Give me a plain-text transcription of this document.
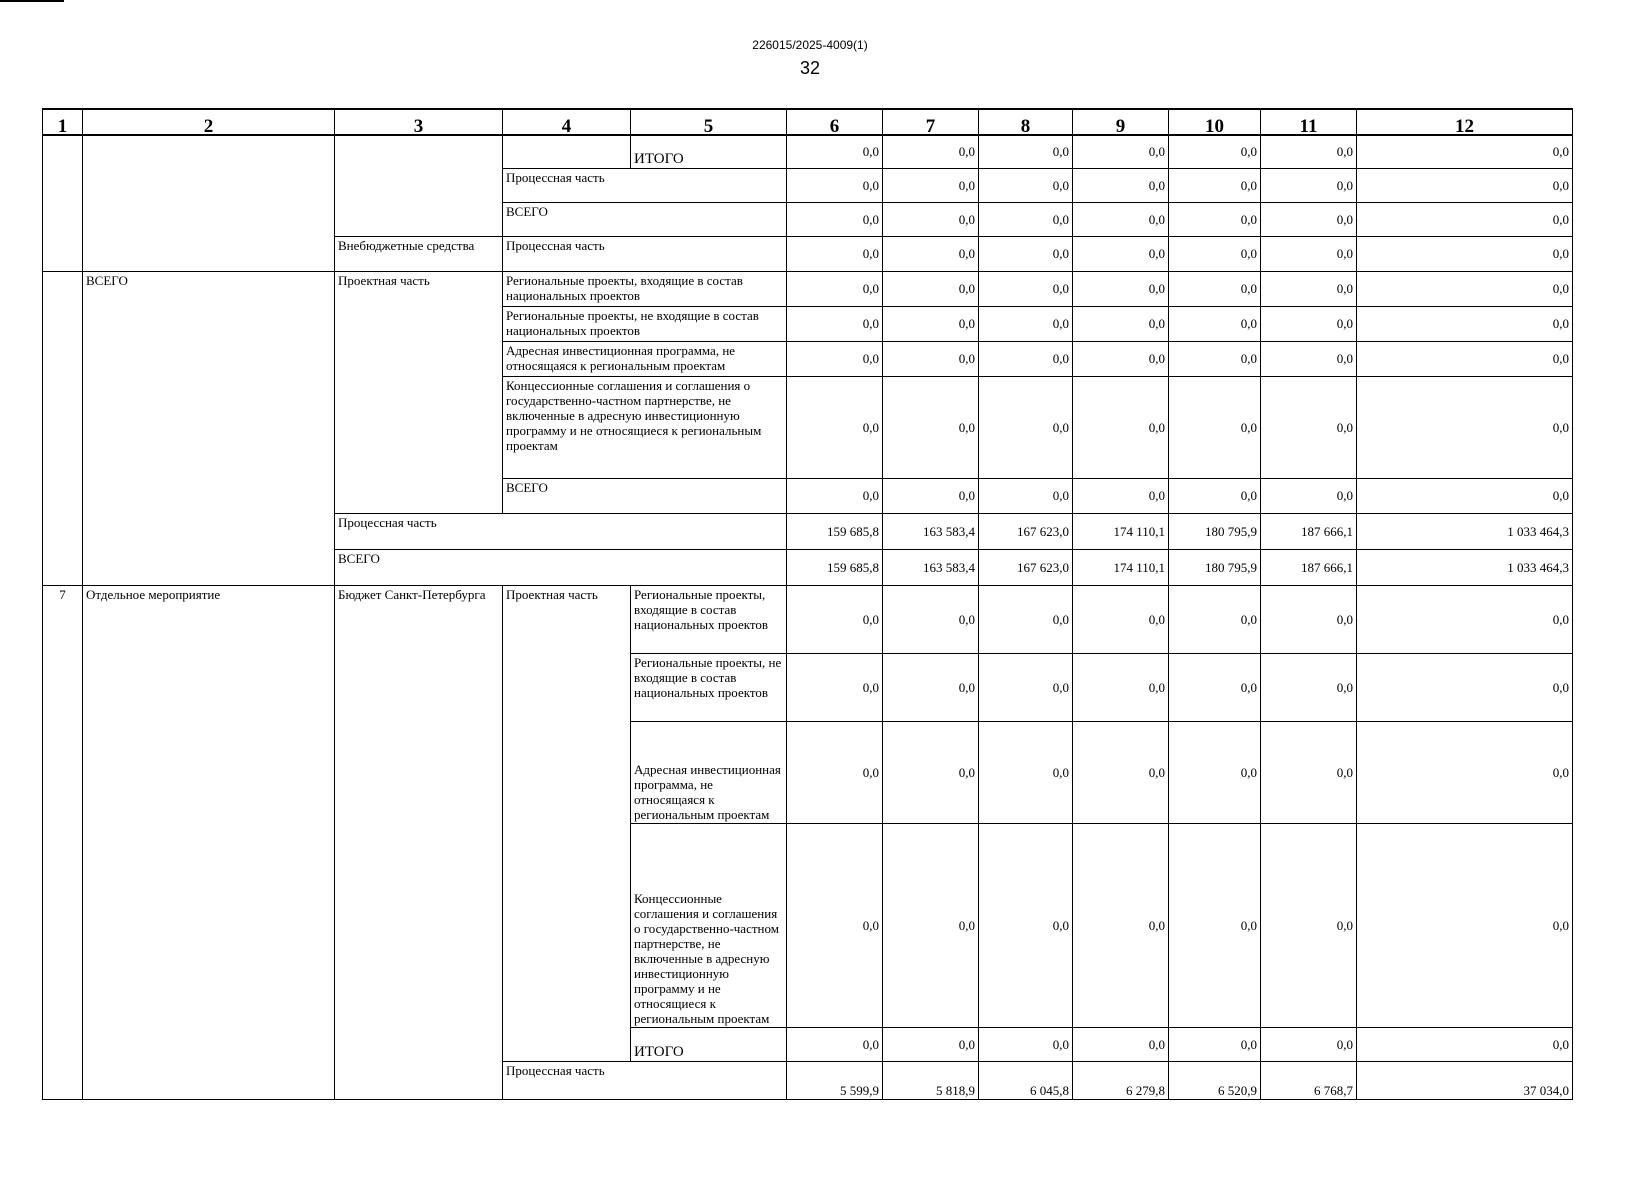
226015/2025-4009(1)
32
1	2	3	4	5	6	7	8	9	10	11	12
				ИТОГО	0,0	0,0	0,0	0,0	0,0	0,0	0,0
			Процессная часть		0,0	0,0	0,0	0,0	0,0	0,0	0,0
			ВСЕГО		0,0	0,0	0,0	0,0	0,0	0,0	0,0
		Внебюджетные средства	Процессная часть		0,0	0,0	0,0	0,0	0,0	0,0	0,0
	ВСЕГО	Проектная часть	Региональные проекты, входящие в состав национальных проектов		0,0	0,0	0,0	0,0	0,0	0,0	0,0
			Региональные проекты, не входящие в состав национальных проектов		0,0	0,0	0,0	0,0	0,0	0,0	0,0
			Адресная инвестиционная программа, не относящаяся к региональным проектам		0,0	0,0	0,0	0,0	0,0	0,0	0,0
			Концессионные соглашения и соглашения о государственно-частном партнерстве, не включенные в адресную инвестиционную программу и не относящиеся к региональным проектам		0,0	0,0	0,0	0,0	0,0	0,0	0,0
			ВСЕГО		0,0	0,0	0,0	0,0	0,0	0,0	0,0
		Процессная часть			159 685,8	163 583,4	167 623,0	174 110,1	180 795,9	187 666,1	1 033 464,3
		ВСЕГО			159 685,8	163 583,4	167 623,0	174 110,1	180 795,9	187 666,1	1 033 464,3
7	Отдельное мероприятие	Бюджет Санкт-Петербурга	Проектная часть	Региональные проекты, входящие в состав национальных проектов	0,0	0,0	0,0	0,0	0,0	0,0	0,0
				Региональные проекты, не входящие в состав национальных проектов	0,0	0,0	0,0	0,0	0,0	0,0	0,0
				Адресная инвестиционная программа, не относящаяся к региональным проектам	0,0	0,0	0,0	0,0	0,0	0,0	0,0
				Концессионные соглашения и соглашения о государственно-частном партнерстве, не включенные в адресную инвестиционную программу и не относящиеся к региональным проектам	0,0	0,0	0,0	0,0	0,0	0,0	0,0
				ИТОГО	0,0	0,0	0,0	0,0	0,0	0,0	0,0
			Процессная часть		5 599,9	5 818,9	6 045,8	6 279,8	6 520,9	6 768,7	37 034,0
